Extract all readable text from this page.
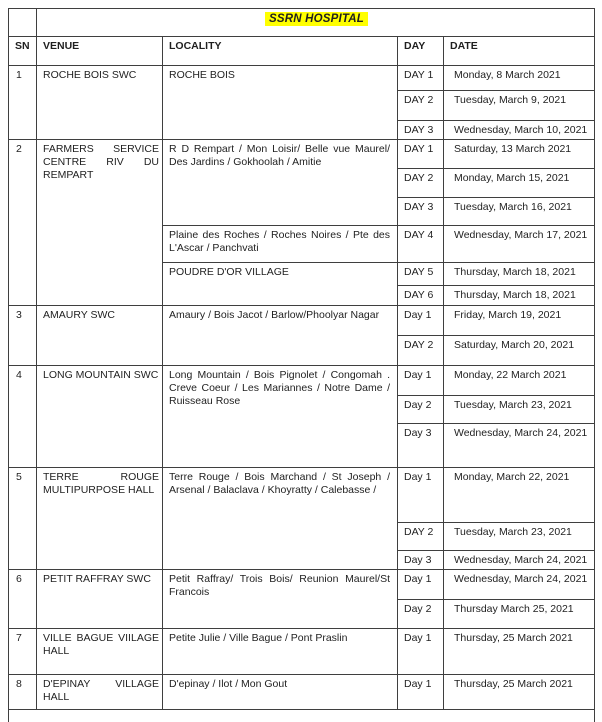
	SSRN HOSPITAL			
SN	VENUE	LOCALITY	DAY	DATE
1	ROCHE BOIS SWC	ROCHE BOIS	DAY 1	Monday, 8 March 2021
			DAY 2	Tuesday, March 9, 2021
			DAY 3	Wednesday, March 10, 2021
2	FARMERS SERVICE CENTRE RIV DU REMPART	R D Rempart / Mon Loisir/ Belle vue Maurel/ Des Jardins / Gokhoolah / Amitie	DAY 1	Saturday, 13 March 2021
			DAY 2	Monday, March 15, 2021
			DAY 3	Tuesday, March 16, 2021
		Plaine des Roches / Roches Noires / Pte des L'Ascar / Panchvati	DAY 4	Wednesday, March 17, 2021
		POUDRE D'OR VILLAGE	DAY 5	Thursday, March 18, 2021
			DAY 6	Thursday, March 18, 2021
3	AMAURY SWC	Amaury / Bois Jacot / Barlow/Phoolyar Nagar	Day 1	Friday, March 19, 2021
			DAY 2	Saturday, March 20, 2021
4	LONG MOUNTAIN SWC	Long Mountain / Bois Pignolet / Congomah . Creve Coeur / Les Mariannes / Notre Dame / Ruisseau Rose	Day 1	Monday, 22 March 2021
			Day 2	Tuesday, March 23, 2021
			Day 3	Wednesday, March 24, 2021
5	TERRE ROUGE MULTIPURPOSE HALL	Terre Rouge / Bois Marchand / St Joseph / Arsenal / Balaclava / Khoyratty / Calebasse /	Day 1	Monday, March 22, 2021
			DAY 2	Tuesday, March 23, 2021
			Day 3	Wednesday, March 24, 2021
6	PETIT RAFFRAY SWC	Petit Raffray/ Trois Bois/ Reunion Maurel/St Francois	Day 1	Wednesday, March 24, 2021
			Day 2	Thursday March 25, 2021
7	VILLE BAGUE VIILAGE HALL	Petite Julie / Ville Bague / Pont Praslin	Day 1	Thursday, 25 March 2021
8	D'EPINAY VILLAGE HALL	D'epinay / Ilot / Mon Gout	Day 1	Thursday, 25 March 2021
